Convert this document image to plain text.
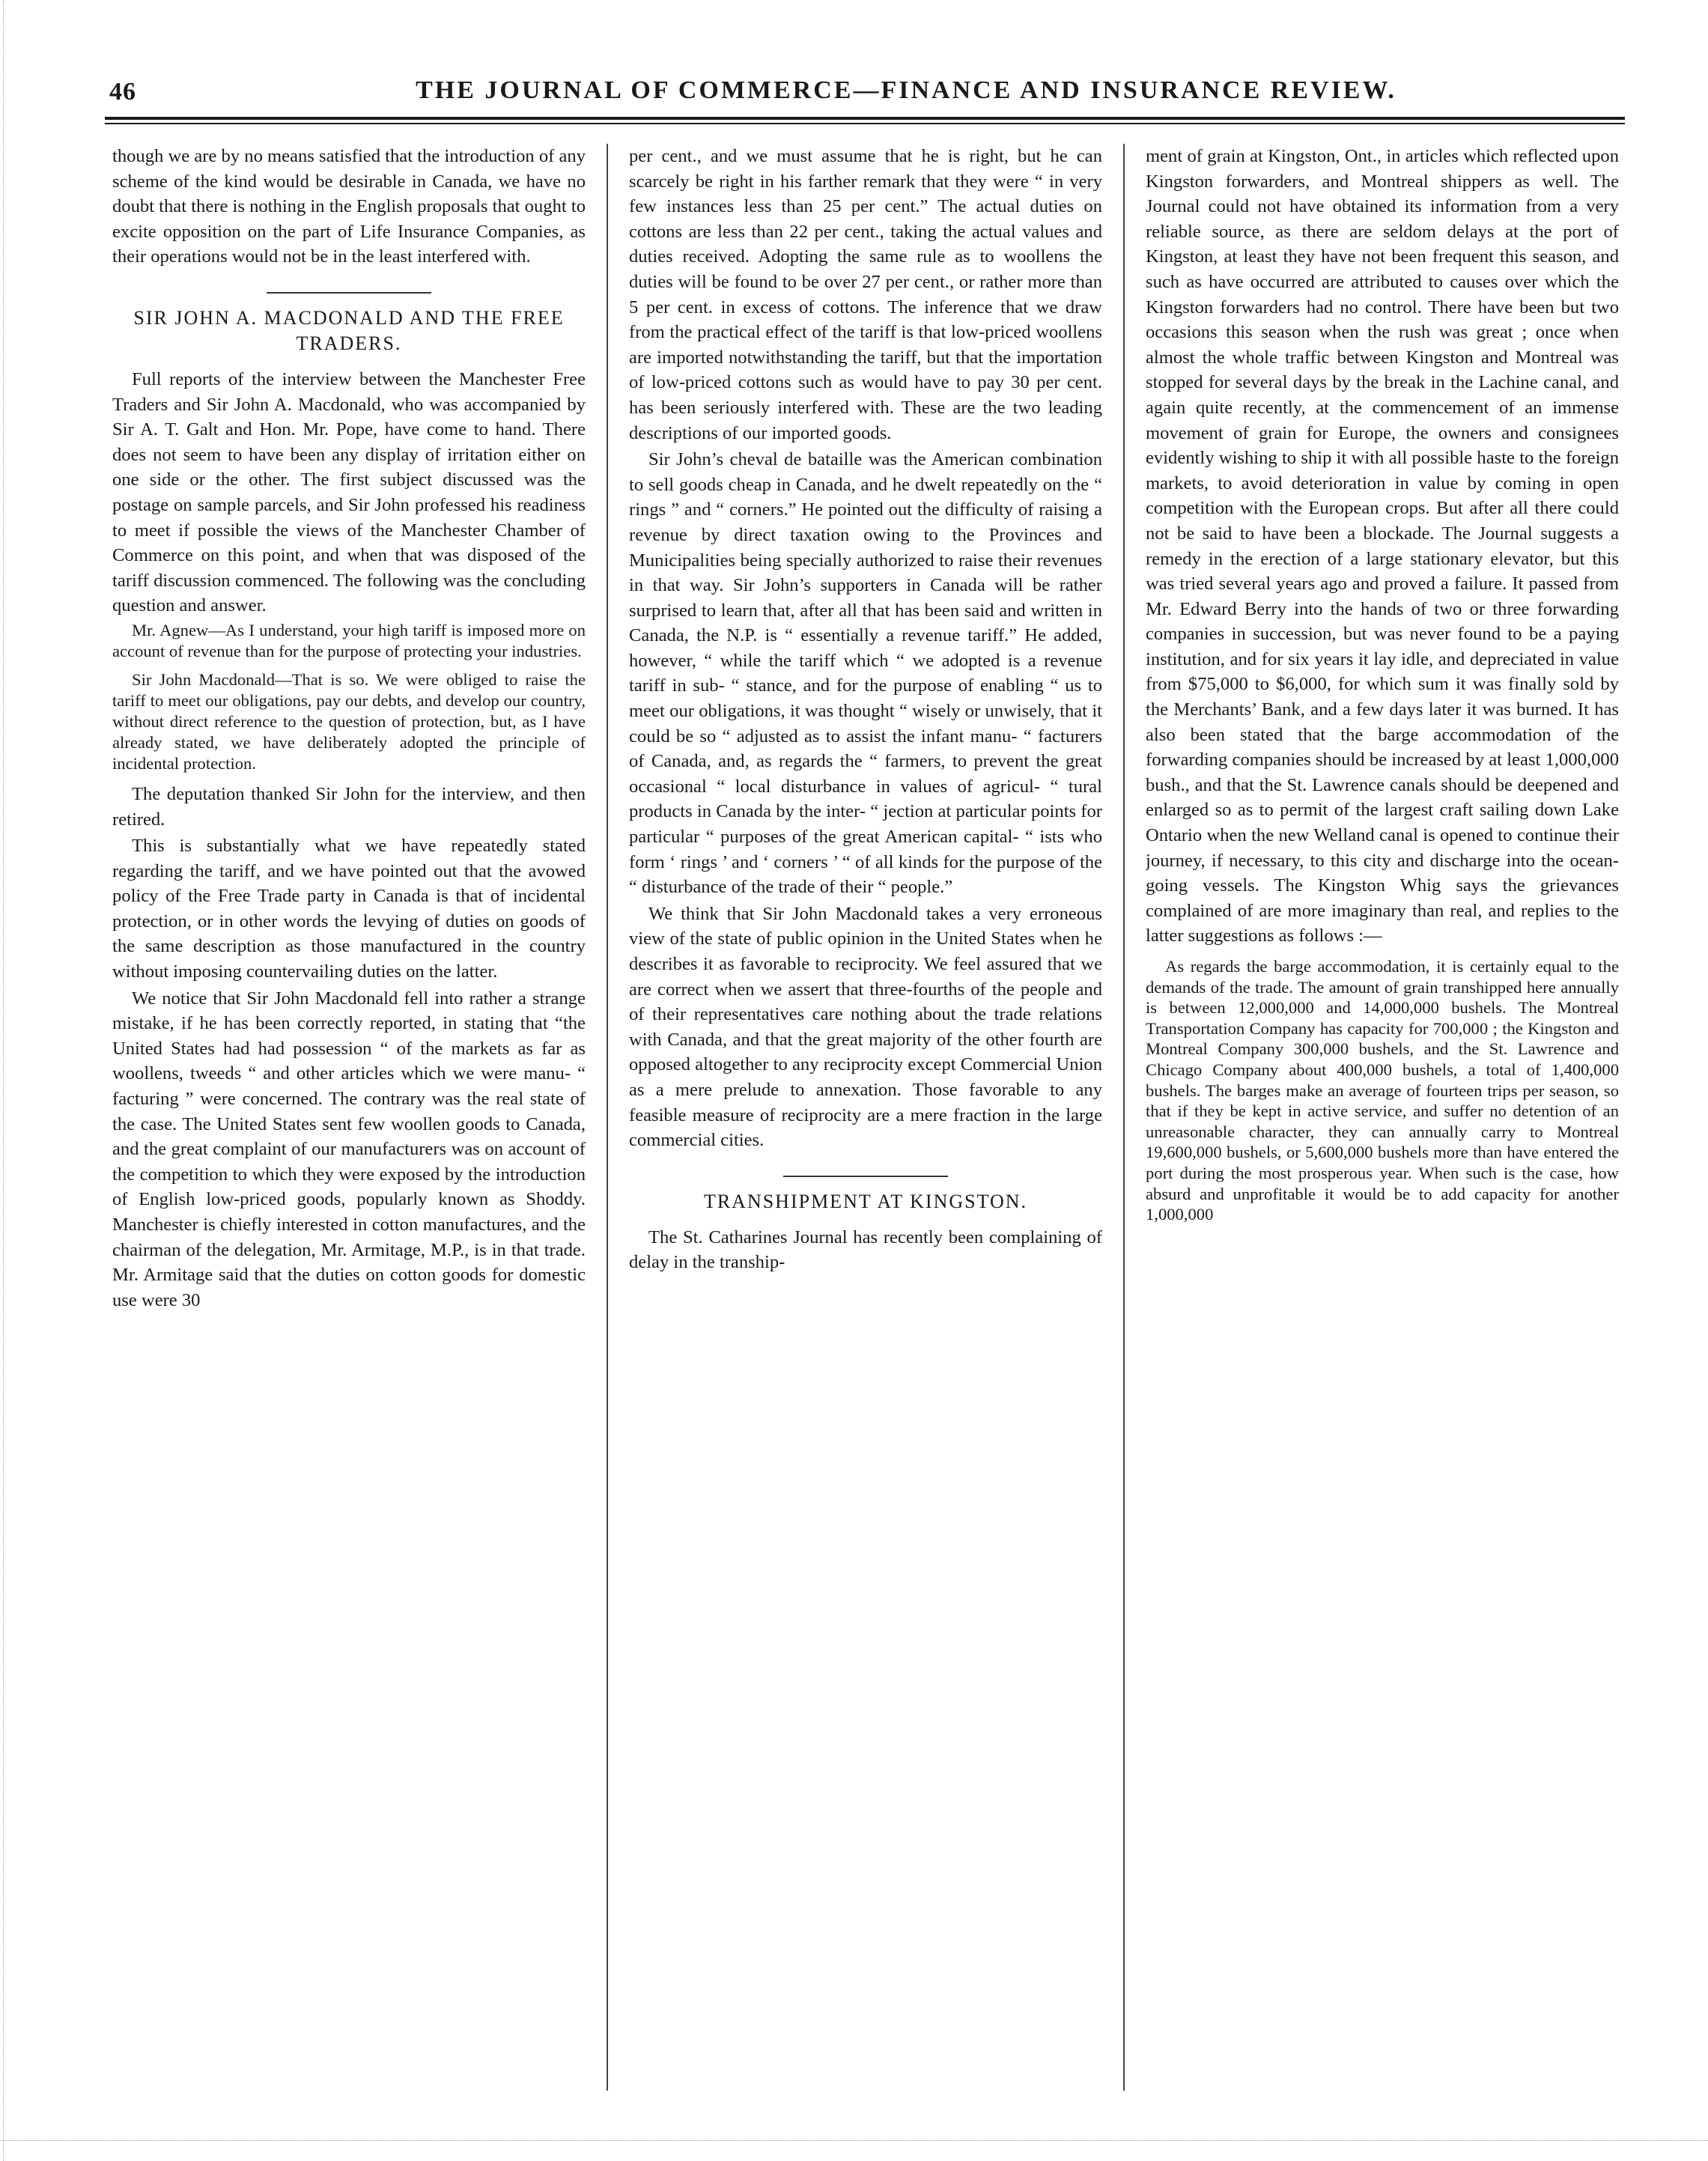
46	THE JOURNAL OF COMMERCE—FINANCE AND INSURANCE REVIEW.

though we are by no means satisfied that the introduction of any scheme of the kind would be desirable in Canada, we have no doubt that there is nothing in the English proposals that ought to excite opposition on the part of Life Insurance Companies, as their operations would not be in the least interfered with.

SIR JOHN A. MACDONALD AND THE FREE TRADERS.

Full reports of the interview between the Manchester Free Traders and Sir John A. Macdonald, who was accompanied by Sir A. T. Galt and Hon. Mr. Pope, have come to hand. There does not seem to have been any display of irritation either on one side or the other. The first subject discussed was the postage on sample parcels, and Sir John professed his readiness to meet if possible the views of the Manchester Chamber of Commerce on this point, and when that was disposed of the tariff discussion commenced. The following was the concluding question and answer.

Mr. Agnew—As I understand, your high tariff is imposed more on account of revenue than for the purpose of protecting your industries.

Sir John Macdonald—That is so. We were obliged to raise the tariff to meet our obligations, pay our debts, and develop our country, without direct reference to the question of protection, but, as I have already stated, we have deliberately adopted the principle of incidental protection.

The deputation thanked Sir John for the interview, and then retired.

This is substantially what we have repeatedly stated regarding the tariff, and we have pointed out that the avowed policy of the Free Trade party in Canada is that of incidental protection, or in other words the levying of duties on goods of the same description as those manufactured in the country without imposing countervailing duties on the latter.

We notice that Sir John Macdonald fell into rather a strange mistake, if he has been correctly reported, in stating that “the United States had had possession “ of the markets as far as woollens, tweeds “ and other articles which we were manu- “ facturing ” were concerned. The contrary was the real state of the case. The United States sent few woollen goods to Canada, and the great complaint of our manufacturers was on account of the competition to which they were exposed by the introduction of English low-priced goods, popularly known as Shoddy. Manchester is chiefly interested in cotton manufactures, and the chairman of the delegation, Mr. Armitage, M.P., is in that trade. Mr. Armitage said that the duties on cotton goods for domestic use were 30

per cent., and we must assume that he is right, but he can scarcely be right in his farther remark that they were “ in very few instances less than 25 per cent.” The actual duties on cottons are less than 22 per cent., taking the actual values and duties received. Adopting the same rule as to woollens the duties will be found to be over 27 per cent., or rather more than 5 per cent. in excess of cottons. The inference that we draw from the practical effect of the tariff is that low-priced woollens are imported notwithstanding the tariff, but that the importation of low-priced cottons such as would have to pay 30 per cent. has been seriously interfered with. These are the two leading descriptions of our imported goods.

Sir John’s cheval de bataille was the American combination to sell goods cheap in Canada, and he dwelt repeatedly on the “ rings ” and “ corners.” He pointed out the difficulty of raising a revenue by direct taxation owing to the Provinces and Municipalities being specially authorized to raise their revenues in that way. Sir John’s supporters in Canada will be rather surprised to learn that, after all that has been said and written in Canada, the N.P. is “ essentially a revenue tariff.” He added, however, “ while the tariff which “ we adopted is a revenue tariff in sub- “ stance, and for the purpose of enabling “ us to meet our obligations, it was thought “ wisely or unwisely, that it could be so “ adjusted as to assist the infant manu- “ facturers of Canada, and, as regards the “ farmers, to prevent the great occasional “ local disturbance in values of agricul- “ tural products in Canada by the inter- “ jection at particular points for particular “ purposes of the great American capital- “ ists who form ‘ rings ’ and ‘ corners ’ “ of all kinds for the purpose of the “ disturbance of the trade of their “ people.”

We think that Sir John Macdonald takes a very erroneous view of the state of public opinion in the United States when he describes it as favorable to reciprocity. We feel assured that we are correct when we assert that three-fourths of the people and of their representatives care nothing about the trade relations with Canada, and that the great majority of the other fourth are opposed altogether to any reciprocity except Commercial Union as a mere prelude to annexation. Those favorable to any feasible measure of reciprocity are a mere fraction in the large commercial cities.

TRANSHIPMENT AT KINGSTON.

The St. Catharines Journal has recently been complaining of delay in the tranship-

ment of grain at Kingston, Ont., in articles which reflected upon Kingston forwarders, and Montreal shippers as well. The Journal could not have obtained its information from a very reliable source, as there are seldom delays at the port of Kingston, at least they have not been frequent this season, and such as have occurred are attributed to causes over which the Kingston forwarders had no control. There have been but two occasions this season when the rush was great ; once when almost the whole traffic between Kingston and Montreal was stopped for several days by the break in the Lachine canal, and again quite recently, at the commencement of an immense movement of grain for Europe, the owners and consignees evidently wishing to ship it with all possible haste to the foreign markets, to avoid deterioration in value by coming in open competition with the European crops. But after all there could not be said to have been a blockade. The Journal suggests a remedy in the erection of a large stationary elevator, but this was tried several years ago and proved a failure. It passed from Mr. Edward Berry into the hands of two or three forwarding companies in succession, but was never found to be a paying institution, and for six years it lay idle, and depreciated in value from $75,000 to $6,000, for which sum it was finally sold by the Merchants’ Bank, and a few days later it was burned. It has also been stated that the barge accommodation of the forwarding companies should be increased by at least 1,000,000 bush., and that the St. Lawrence canals should be deepened and enlarged so as to permit of the largest craft sailing down Lake Ontario when the new Welland canal is opened to continue their journey, if necessary, to this city and discharge into the ocean-going vessels. The Kingston Whig says the grievances complained of are more imaginary than real, and replies to the latter suggestions as follows :—

As regards the barge accommodation, it is certainly equal to the demands of the trade. The amount of grain transhipped here annually is between 12,000,000 and 14,000,000 bushels. The Montreal Transportation Company has capacity for 700,000 ; the Kingston and Montreal Company 300,000 bushels, and the St. Lawrence and Chicago Company about 400,000 bushels, a total of 1,400,000 bushels. The barges make an average of fourteen trips per season, so that if they be kept in active service, and suffer no detention of an unreasonable character, they can annually carry to Montreal 19,600,000 bushels, or 5,600,000 bushels more than have entered the port during the most prosperous year. When such is the case, how absurd and unprofitable it would be to add capacity for another 1,000,000
